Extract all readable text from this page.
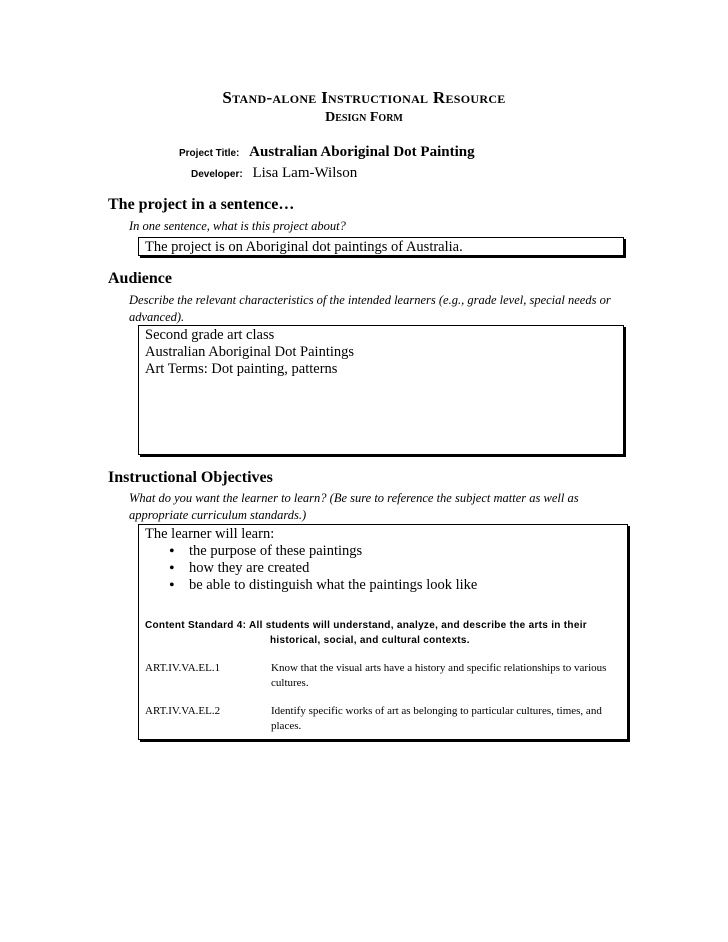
Stand-alone Instructional Resource
Design Form
Project Title: Australian Aboriginal Dot Painting
Developer: Lisa Lam-Wilson
The project in a sentence…
In one sentence, what is this project about?
The project is on Aboriginal dot paintings of Australia.
Audience
Describe the relevant characteristics of the intended learners (e.g., grade level, special needs or advanced).
Second grade art class
Australian Aboriginal Dot Paintings
Art Terms: Dot painting, patterns
Instructional Objectives
What do you want the learner to learn? (Be sure to reference the subject matter as well as appropriate curriculum standards.)
The learner will learn:
• the purpose of these paintings
• how they are created
• be able to distinguish what the paintings look like
Content Standard 4: All students will understand, analyze, and describe the arts in their
historical, social, and cultural contexts.
ART.IV.VA.EL.1	Know that the visual arts have a history and specific relationships to various cultures.
ART.IV.VA.EL.2	Identify specific works of art as belonging to particular cultures, times, and places.
